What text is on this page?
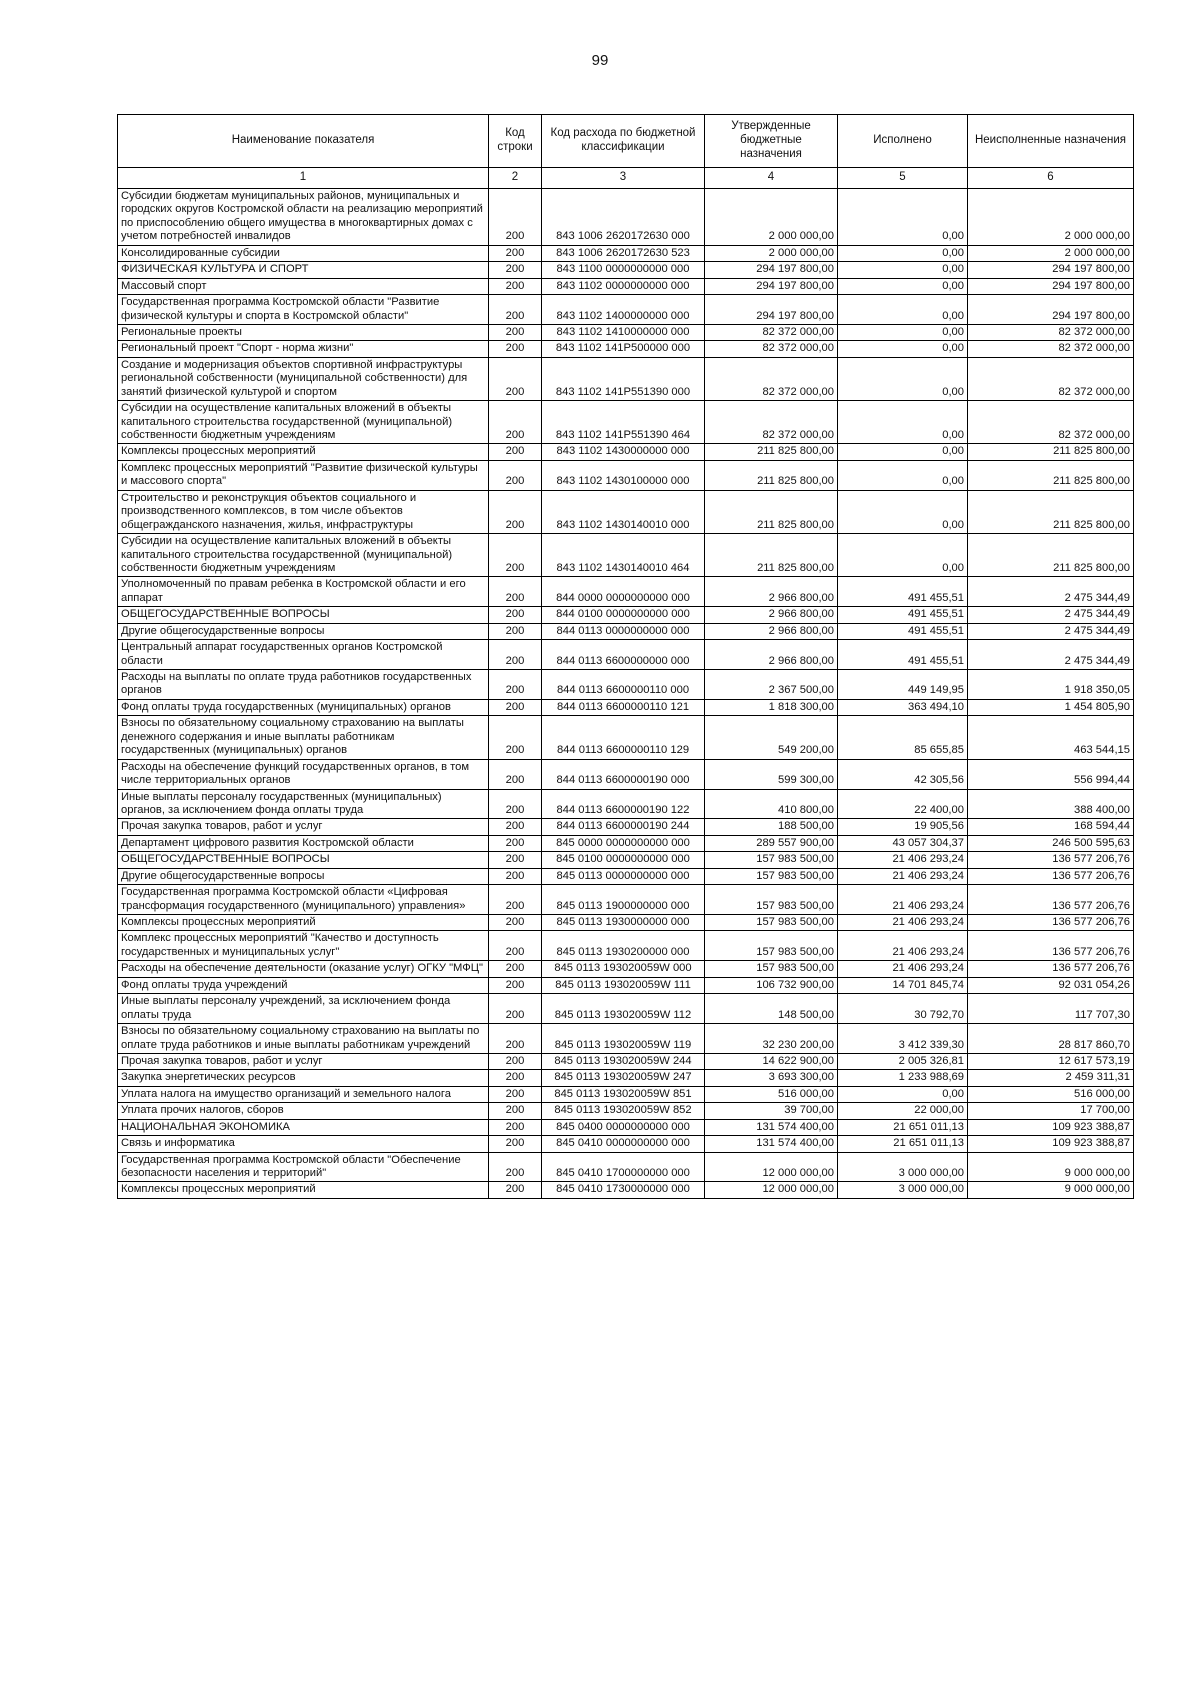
99
Наименование показателя	Код строки	Код расхода по бюджетной классификации	Утвержденные бюджетные назначения	Исполнено	Неисполненные назначения
1	2	3	4	5	6
Субсидии бюджетам муниципальных районов, муниципальных и городских округов Костромской области на реализацию мероприятий по приспособлению общего имущества в многоквартирных домах с учетом потребностей инвалидов	200	843 1006 2620172630 000	2 000 000,00	0,00	2 000 000,00
Консолидированные субсидии	200	843 1006 2620172630 523	2 000 000,00	0,00	2 000 000,00
ФИЗИЧЕСКАЯ КУЛЬТУРА И СПОРТ	200	843 1100 0000000000 000	294 197 800,00	0,00	294 197 800,00
Массовый спорт	200	843 1102 0000000000 000	294 197 800,00	0,00	294 197 800,00
Государственная программа Костромской области "Развитие физической культуры и спорта в Костромской области"	200	843 1102 1400000000 000	294 197 800,00	0,00	294 197 800,00
Региональные проекты	200	843 1102 1410000000 000	82 372 000,00	0,00	82 372 000,00
Региональный проект "Спорт - норма жизни"	200	843 1102 141P500000 000	82 372 000,00	0,00	82 372 000,00
Создание и модернизация объектов спортивной инфраструктуры региональной собственности (муниципальной собственности) для занятий физической культурой и спортом	200	843 1102 141P551390 000	82 372 000,00	0,00	82 372 000,00
Субсидии на осуществление капитальных вложений в объекты капитального строительства государственной (муниципальной) собственности бюджетным учреждениям	200	843 1102 141P551390 464	82 372 000,00	0,00	82 372 000,00
Комплексы процессных мероприятий	200	843 1102 1430000000 000	211 825 800,00	0,00	211 825 800,00
Комплекс процессных мероприятий "Развитие физической культуры и массового спорта"	200	843 1102 1430100000 000	211 825 800,00	0,00	211 825 800,00
Строительство и реконструкция объектов социального и производственного комплексов, в том числе объектов общегражданского назначения, жилья, инфраструктуры	200	843 1102 1430140010 000	211 825 800,00	0,00	211 825 800,00
Субсидии на осуществление капитальных вложений в объекты капитального строительства государственной (муниципальной) собственности бюджетным учреждениям	200	843 1102 1430140010 464	211 825 800,00	0,00	211 825 800,00
Уполномоченный по правам ребенка в Костромской области и его аппарат	200	844 0000 0000000000 000	2 966 800,00	491 455,51	2 475 344,49
ОБЩЕГОСУДАРСТВЕННЫЕ ВОПРОСЫ	200	844 0100 0000000000 000	2 966 800,00	491 455,51	2 475 344,49
Другие общегосударственные вопросы	200	844 0113 0000000000 000	2 966 800,00	491 455,51	2 475 344,49
Центральный аппарат государственных органов Костромской области	200	844 0113 6600000000 000	2 966 800,00	491 455,51	2 475 344,49
Расходы на выплаты по оплате труда работников государственных органов	200	844 0113 6600000110 000	2 367 500,00	449 149,95	1 918 350,05
Фонд оплаты труда государственных (муниципальных) органов	200	844 0113 6600000110 121	1 818 300,00	363 494,10	1 454 805,90
Взносы по обязательному социальному страхованию на выплаты денежного содержания и иные выплаты работникам государственных (муниципальных) органов	200	844 0113 6600000110 129	549 200,00	85 655,85	463 544,15
Расходы на обеспечение функций государственных органов, в том числе территориальных органов	200	844 0113 6600000190 000	599 300,00	42 305,56	556 994,44
Иные выплаты персоналу государственных (муниципальных) органов, за исключением фонда оплаты труда	200	844 0113 6600000190 122	410 800,00	22 400,00	388 400,00
Прочая закупка товаров, работ и услуг	200	844 0113 6600000190 244	188 500,00	19 905,56	168 594,44
Департамент цифрового развития Костромской области	200	845 0000 0000000000 000	289 557 900,00	43 057 304,37	246 500 595,63
ОБЩЕГОСУДАРСТВЕННЫЕ ВОПРОСЫ	200	845 0100 0000000000 000	157 983 500,00	21 406 293,24	136 577 206,76
Другие общегосударственные вопросы	200	845 0113 0000000000 000	157 983 500,00	21 406 293,24	136 577 206,76
Государственная программа Костромской области «Цифровая трансформация государственного (муниципального) управления»	200	845 0113 1900000000 000	157 983 500,00	21 406 293,24	136 577 206,76
Комплексы процессных мероприятий	200	845 0113 1930000000 000	157 983 500,00	21 406 293,24	136 577 206,76
Комплекс процессных мероприятий "Качество и доступность государственных и муниципальных услуг"	200	845 0113 1930200000 000	157 983 500,00	21 406 293,24	136 577 206,76
Расходы на обеспечение деятельности (оказание услуг) ОГКУ "МФЦ"	200	845 0113 193020059W 000	157 983 500,00	21 406 293,24	136 577 206,76
Фонд оплаты труда учреждений	200	845 0113 193020059W 111	106 732 900,00	14 701 845,74	92 031 054,26
Иные выплаты персоналу учреждений, за исключением фонда оплаты труда	200	845 0113 193020059W 112	148 500,00	30 792,70	117 707,30
Взносы по обязательному социальному страхованию на выплаты по оплате труда работников и иные выплаты работникам учреждений	200	845 0113 193020059W 119	32 230 200,00	3 412 339,30	28 817 860,70
Прочая закупка товаров, работ и услуг	200	845 0113 193020059W 244	14 622 900,00	2 005 326,81	12 617 573,19
Закупка энергетических ресурсов	200	845 0113 193020059W 247	3 693 300,00	1 233 988,69	2 459 311,31
Уплата налога на имущество организаций и земельного налога	200	845 0113 193020059W 851	516 000,00	0,00	516 000,00
Уплата прочих налогов, сборов	200	845 0113 193020059W 852	39 700,00	22 000,00	17 700,00
НАЦИОНАЛЬНАЯ ЭКОНОМИКА	200	845 0400 0000000000 000	131 574 400,00	21 651 011,13	109 923 388,87
Связь и информатика	200	845 0410 0000000000 000	131 574 400,00	21 651 011,13	109 923 388,87
Государственная программа Костромской области "Обеспечение безопасности населения и территорий"	200	845 0410 1700000000 000	12 000 000,00	3 000 000,00	9 000 000,00
Комплексы процессных мероприятий	200	845 0410 1730000000 000	12 000 000,00	3 000 000,00	9 000 000,00
